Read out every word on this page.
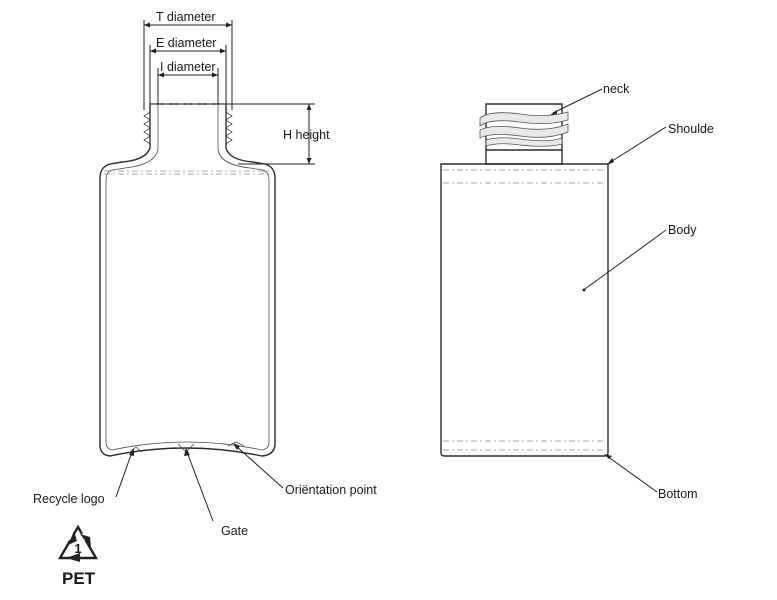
T diameter
E diameter
I diameter
H height
Recycle logo
Gate
Oriëntation point
1
PET
neck
Shoulde
Body
Bottom
